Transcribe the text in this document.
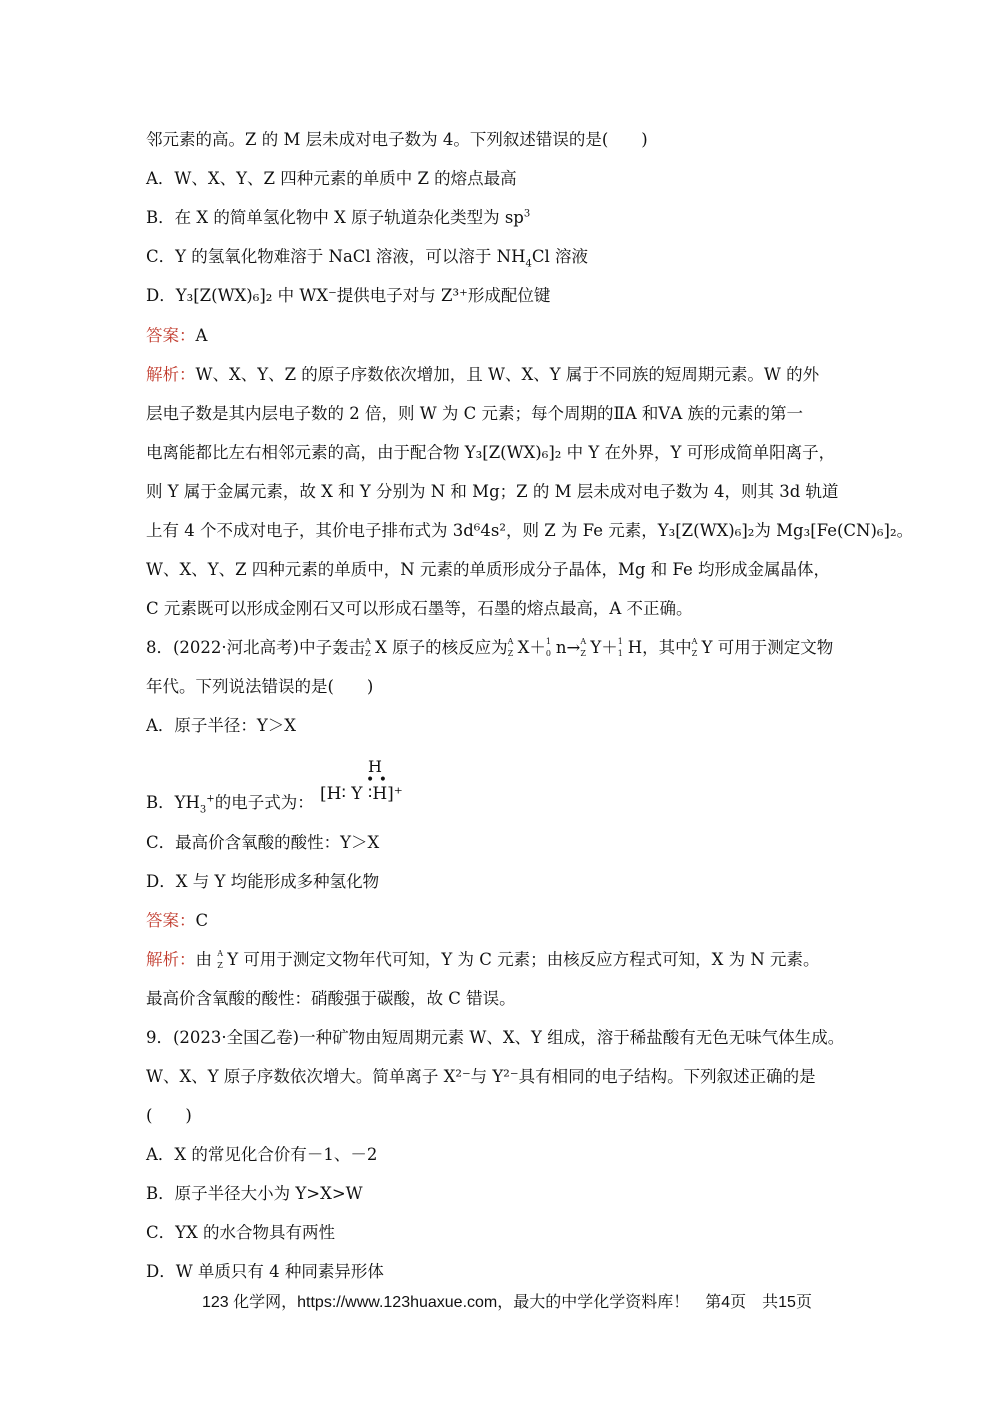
邻元素的高。Z 的 M 层未成对电子数为 4。下列叙述错误的是(　　)
A．W、X、Y、Z 四种元素的单质中 Z 的熔点最高
B．在 X 的简单氢化物中 X 原子轨道杂化类型为 $sp^3$
C．Y 的氢氧化物难溶于 NaCl 溶液，可以溶于 $NH_4Cl$ 溶液
D．Y₃[Z(WX)₆]₂ 中 WX⁻提供电子对与 Z³⁺形成配位键
答案：A
解析：W、X、Y、Z 的原子序数依次增加，且 W、X、Y 属于不同族的短周期元素。W 的外
层电子数是其内层电子数的 2 倍，则 W 为 C 元素；每个周期的ⅡA 和ⅤA 族的元素的第一
电离能都比左右相邻元素的高，由于配合物 Y₃[Z(WX)₆]₂ 中 Y 在外界，Y 可形成简单阳离子，
则 Y 属于金属元素，故 X 和 Y 分别为 N 和 Mg；Z 的 M 层未成对电子数为 4，则其 3d 轨道
上有 4 个不成对电子，其价电子排布式为 3d⁶4s²，则 Z 为 Fe 元素，Y₃[Z(WX)₆]₂为 Mg₃[Fe(CN)₆]₂。
W、X、Y、Z 四种元素的单质中，N 元素的单质形成分子晶体，Mg 和 Fe 均形成金属晶体，
C 元素既可以形成金刚石又可以形成石墨等，石墨的熔点最高，A 不正确。
8．(2022·河北高考)中子轰击 A
Z X 原子的核反应为 A
Z X＋ 1
0 n→ A
Z Y＋ 1
1 H，其中 A
Z Y 可用于测定文物
年代。下列说法错误的是(　　)
A．原子半径：Y＞X
H
• •
B．$YH_3^+$的电子式为： [H∶ Y ∶H]⁺
C．最高价含氧酸的酸性：Y＞X
D．X 与 Y 均能形成多种氢化物
答案：C
解析：由 A
Z Y 可用于测定文物年代可知，Y 为 C 元素；由核反应方程式可知，X 为 N 元素。
最高价含氧酸的酸性：硝酸强于碳酸，故 C 错误。
9．(2023·全国乙卷)一种矿物由短周期元素 W、X、Y 组成，溶于稀盐酸有无色无味气体生成。
W、X、Y 原子序数依次增大。简单离子 X²⁻与 Y²⁻具有相同的电子结构。下列叙述正确的是
(　　)
A．X 的常见化合价有－1、－2
B．原子半径大小为 Y>X>W
C．YX 的水合物具有两性
D．W 单质只有 4 种同素异形体
123 化学网，https://www.123huaxue.com，最大的中学化学资料库！　第4页　共15页
